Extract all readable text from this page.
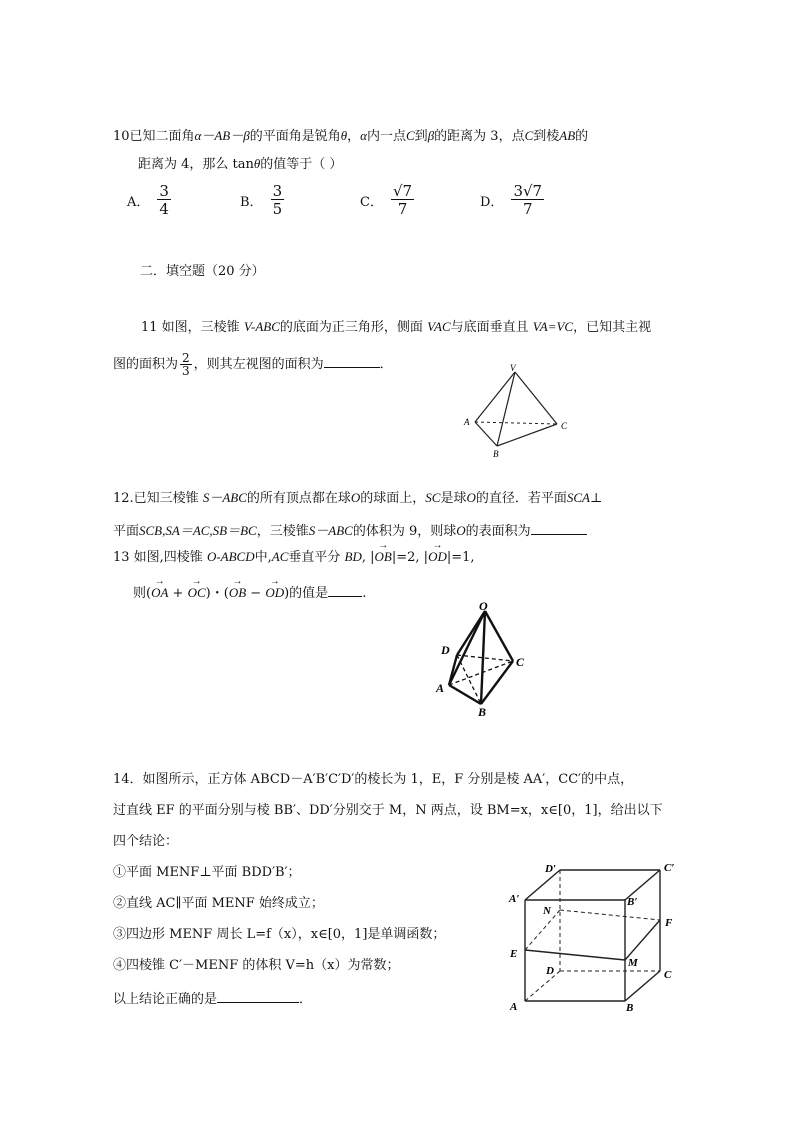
10已知二面角α－AB－β的平面角是锐角θ，α内一点C到β的距离为 3，点C到棱AB的
距离为 4，那么 tanθ的值等于（ ）
A． $\frac{3}{4}$	B． $\frac{3}{5}$	C． $\frac{√7}{7}$	D． $\frac{3√7}{7}$
二．填空题（20 分）
11 如图，三棱锥 V-ABC的底面为正三角形，侧面 VAC与底面垂直且 VA=VC，已知其主视
图的面积为 $\frac{2}{3}$ ，则其左视图的面积为	．	V
A
B
C
12.已知三棱锥 S－ABC的所有顶点都在球O的球面上，SC是球O的直径．若平面SCA⊥
平面SCB,SA＝AC,SB＝BC，三棱锥S－ABC的体积为 9，则球O的表面积为
13 如图,四棱锥 O-ABCD中,AC垂直平分 BD, |→ OB|=2, |→ OD|=1,
则(→ OA + → OC)・(→ OB − → OD)的值是	.
O
D
C
A
B
14．如图所示，正方体 ABCD－A′B′C′D′的棱长为 1，E，F 分别是棱 AA′，CC′的中点，
过直线 EF 的平面分别与棱 BB′、DD′分别交于 M，N 两点，设 BM=x，x∈[0，1]，给出以下
四个结论：
①平面 MENF⊥平面 BDD′B′；
②直线 AC∥平面 MENF 始终成立；
③四边形 MENF 周长 L=f（x），x∈[0，1]是单调函数；
④四棱锥 C′－MENF 的体积 V=h（x）为常数；
以上结论正确的是	．
D′	C′
A′	B′
N
F
E
D
M
C
A	B
